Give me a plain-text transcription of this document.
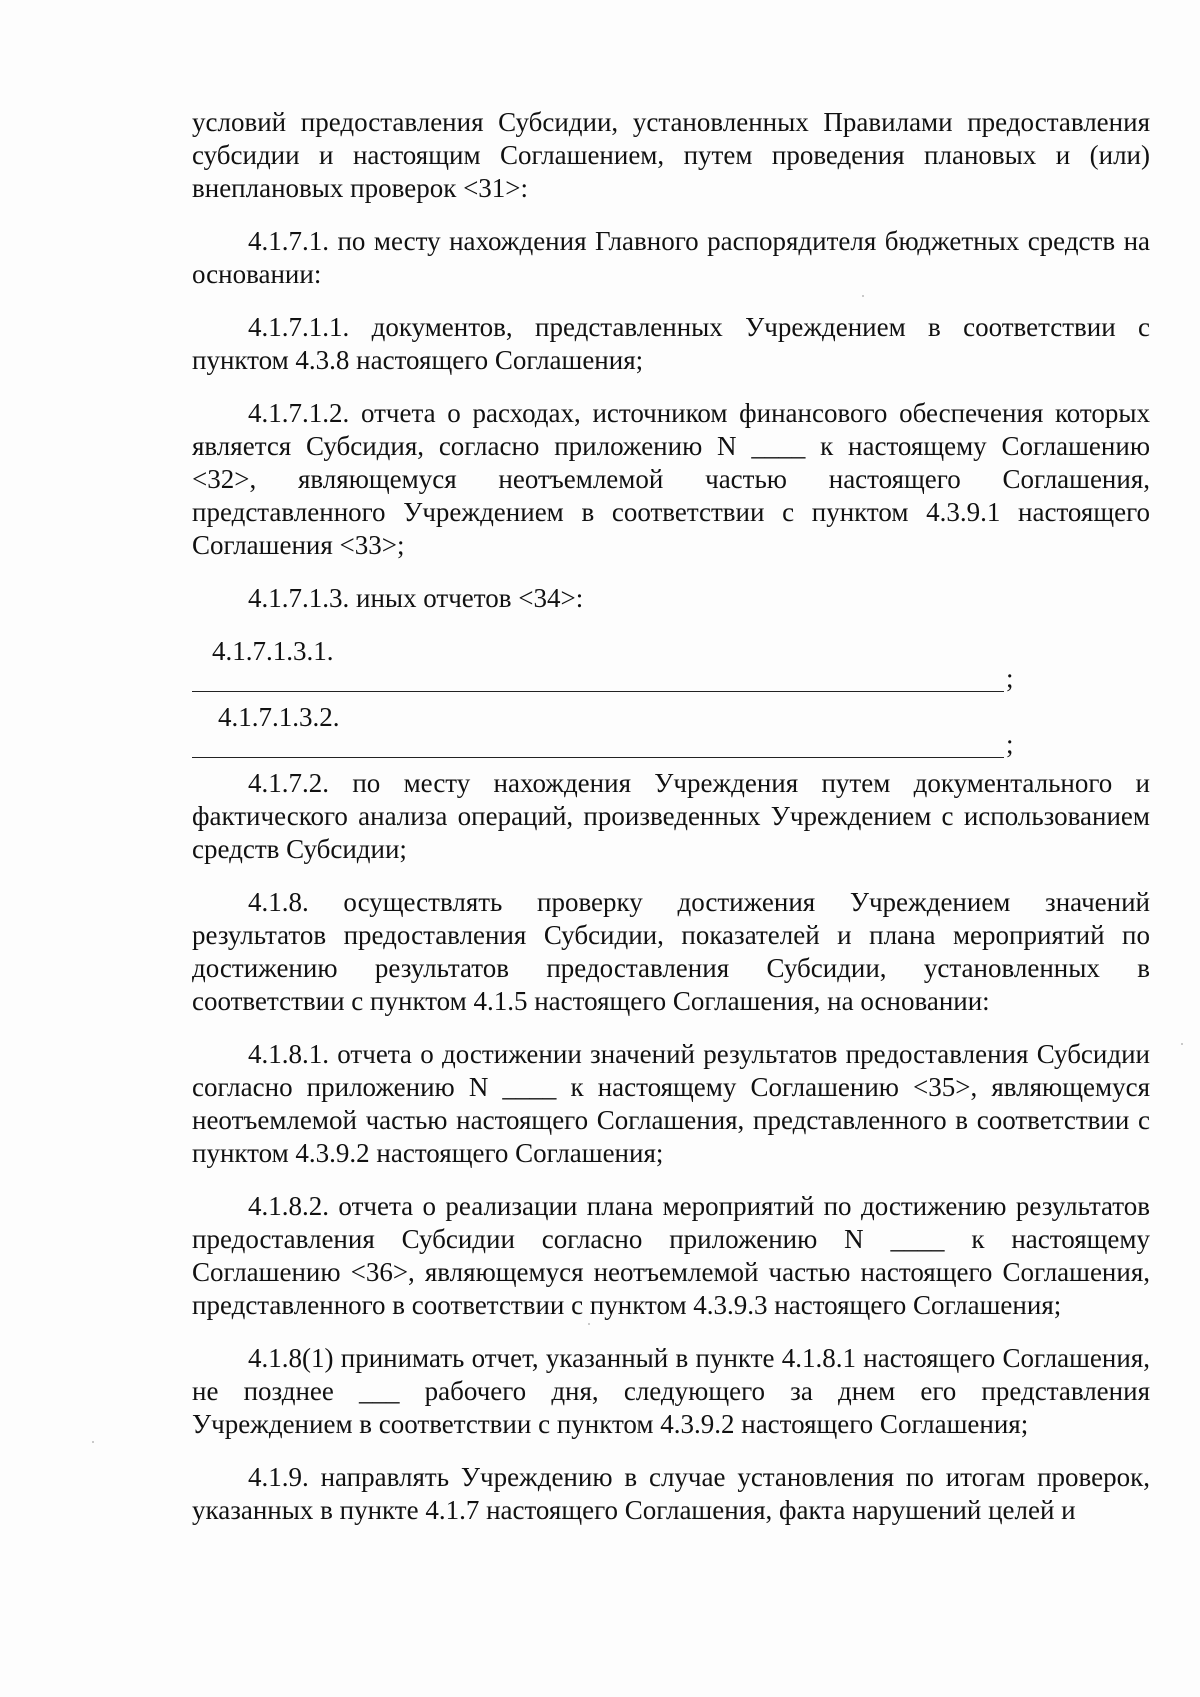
условий предоставления Субсидии, установленных Правилами предоставления субсидии и настоящим Соглашением, путем проведения плановых и (или) внеплановых проверок <31>:

4.1.7.1. по месту нахождения Главного распорядителя бюджетных средств на основании:

4.1.7.1.1. документов, представленных Учреждением в соответствии с пунктом 4.3.8 настоящего Соглашения;

4.1.7.1.2. отчета о расходах, источником финансового обеспечения которых является Субсидия, согласно приложению N ____ к настоящему Соглашению <32>, являющемуся неотъемлемой частью настоящего Соглашения, представленного Учреждением в соответствии с пунктом 4.3.9.1 настоящего Соглашения <33>;

4.1.7.1.3. иных отчетов <34>:

4.1.7.1.3.1.
;
4.1.7.1.3.2.
;

4.1.7.2. по месту нахождения Учреждения путем документального и фактического анализа операций, произведенных Учреждением с использованием средств Субсидии;

4.1.8. осуществлять проверку достижения Учреждением значений результатов предоставления Субсидии, показателей и плана мероприятий по достижению результатов предоставления Субсидии, установленных в соответствии с пунктом 4.1.5 настоящего Соглашения, на основании:

4.1.8.1. отчета о достижении значений результатов предоставления Субсидии согласно приложению N ____ к настоящему Соглашению <35>, являющемуся неотъемлемой частью настоящего Соглашения, представленного в соответствии с пунктом 4.3.9.2 настоящего Соглашения;

4.1.8.2. отчета о реализации плана мероприятий по достижению результатов предоставления Субсидии согласно приложению N ____ к настоящему Соглашению <36>, являющемуся неотъемлемой частью настоящего Соглашения, представленного в соответствии с пунктом 4.3.9.3 настоящего Соглашения;

4.1.8(1) принимать отчет, указанный в пункте 4.1.8.1 настоящего Соглашения, не позднее ___ рабочего дня, следующего за днем его представления Учреждением в соответствии с пунктом 4.3.9.2 настоящего Соглашения;

4.1.9. направлять Учреждению в случае установления по итогам проверок, указанных в пункте 4.1.7 настоящего Соглашения, факта нарушений целей и
